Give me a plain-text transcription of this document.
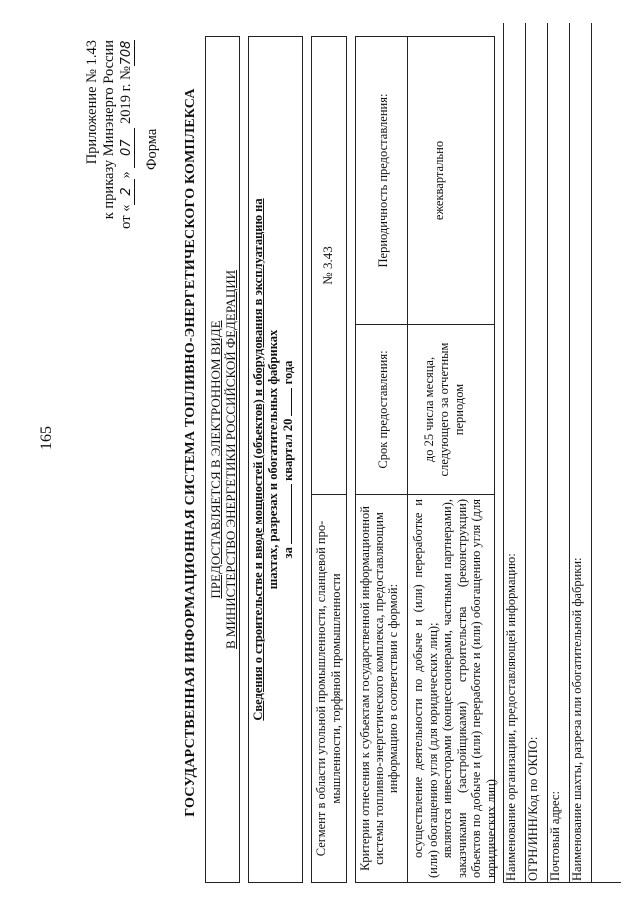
165
Приложение № 1.43 к приказу Минэнерго России от «2» 07 2019 г. №708
Форма ГОСУДАРСТВЕННАЯ ИНФОРМАЦИОННАЯ СИСТЕМА ТОПЛИВНО-ЭНЕРГЕТИЧЕСКОГО КОМПЛЕКСА ПРЕДОСТАВЛЯЕТСЯ В ЭЛЕКТРОННОМ ВИДЕ В МИНИСТЕРСТВО ЭНЕРГЕТИКИ РОССИЙСКОЙ ФЕДЕРАЦИИ Сведения о строительстве и вводе мощностей (объектов) и оборудования в эксплуатацию на шахтах, разрезах и обогатительных фабриках за  квартал 20  года
Сегмент в области угольной промышленности, сланцевой про- мышленности, торфяной промышленности
№ 3.43
Критерии отнесения к субъектам государственной информационной системы топливно-энергетического комплекса, предоставляющим информацию в соответствии с формой: осуществление деятельности по добыче и (или) переработке и (или) обогащению угля (для юридических лиц); являются инвесторами (концессионерами, частными партнерами), заказчиками (застройщиками) строительства (реконструкции) объектов по добыче и (или) переработке и (или) обогащению угля (для юридических лиц)
Срок предоставления:	до 25 числа месяца, следующего за отчетным периодом
Периодичность предоставления:	ежеквартально
Наименование организации, предоставляющей информацию: ОГРН/ИНН/Код по ОКПО: Почтовый адрес: Наименование шахты, разреза или обогатительной фабрики:
